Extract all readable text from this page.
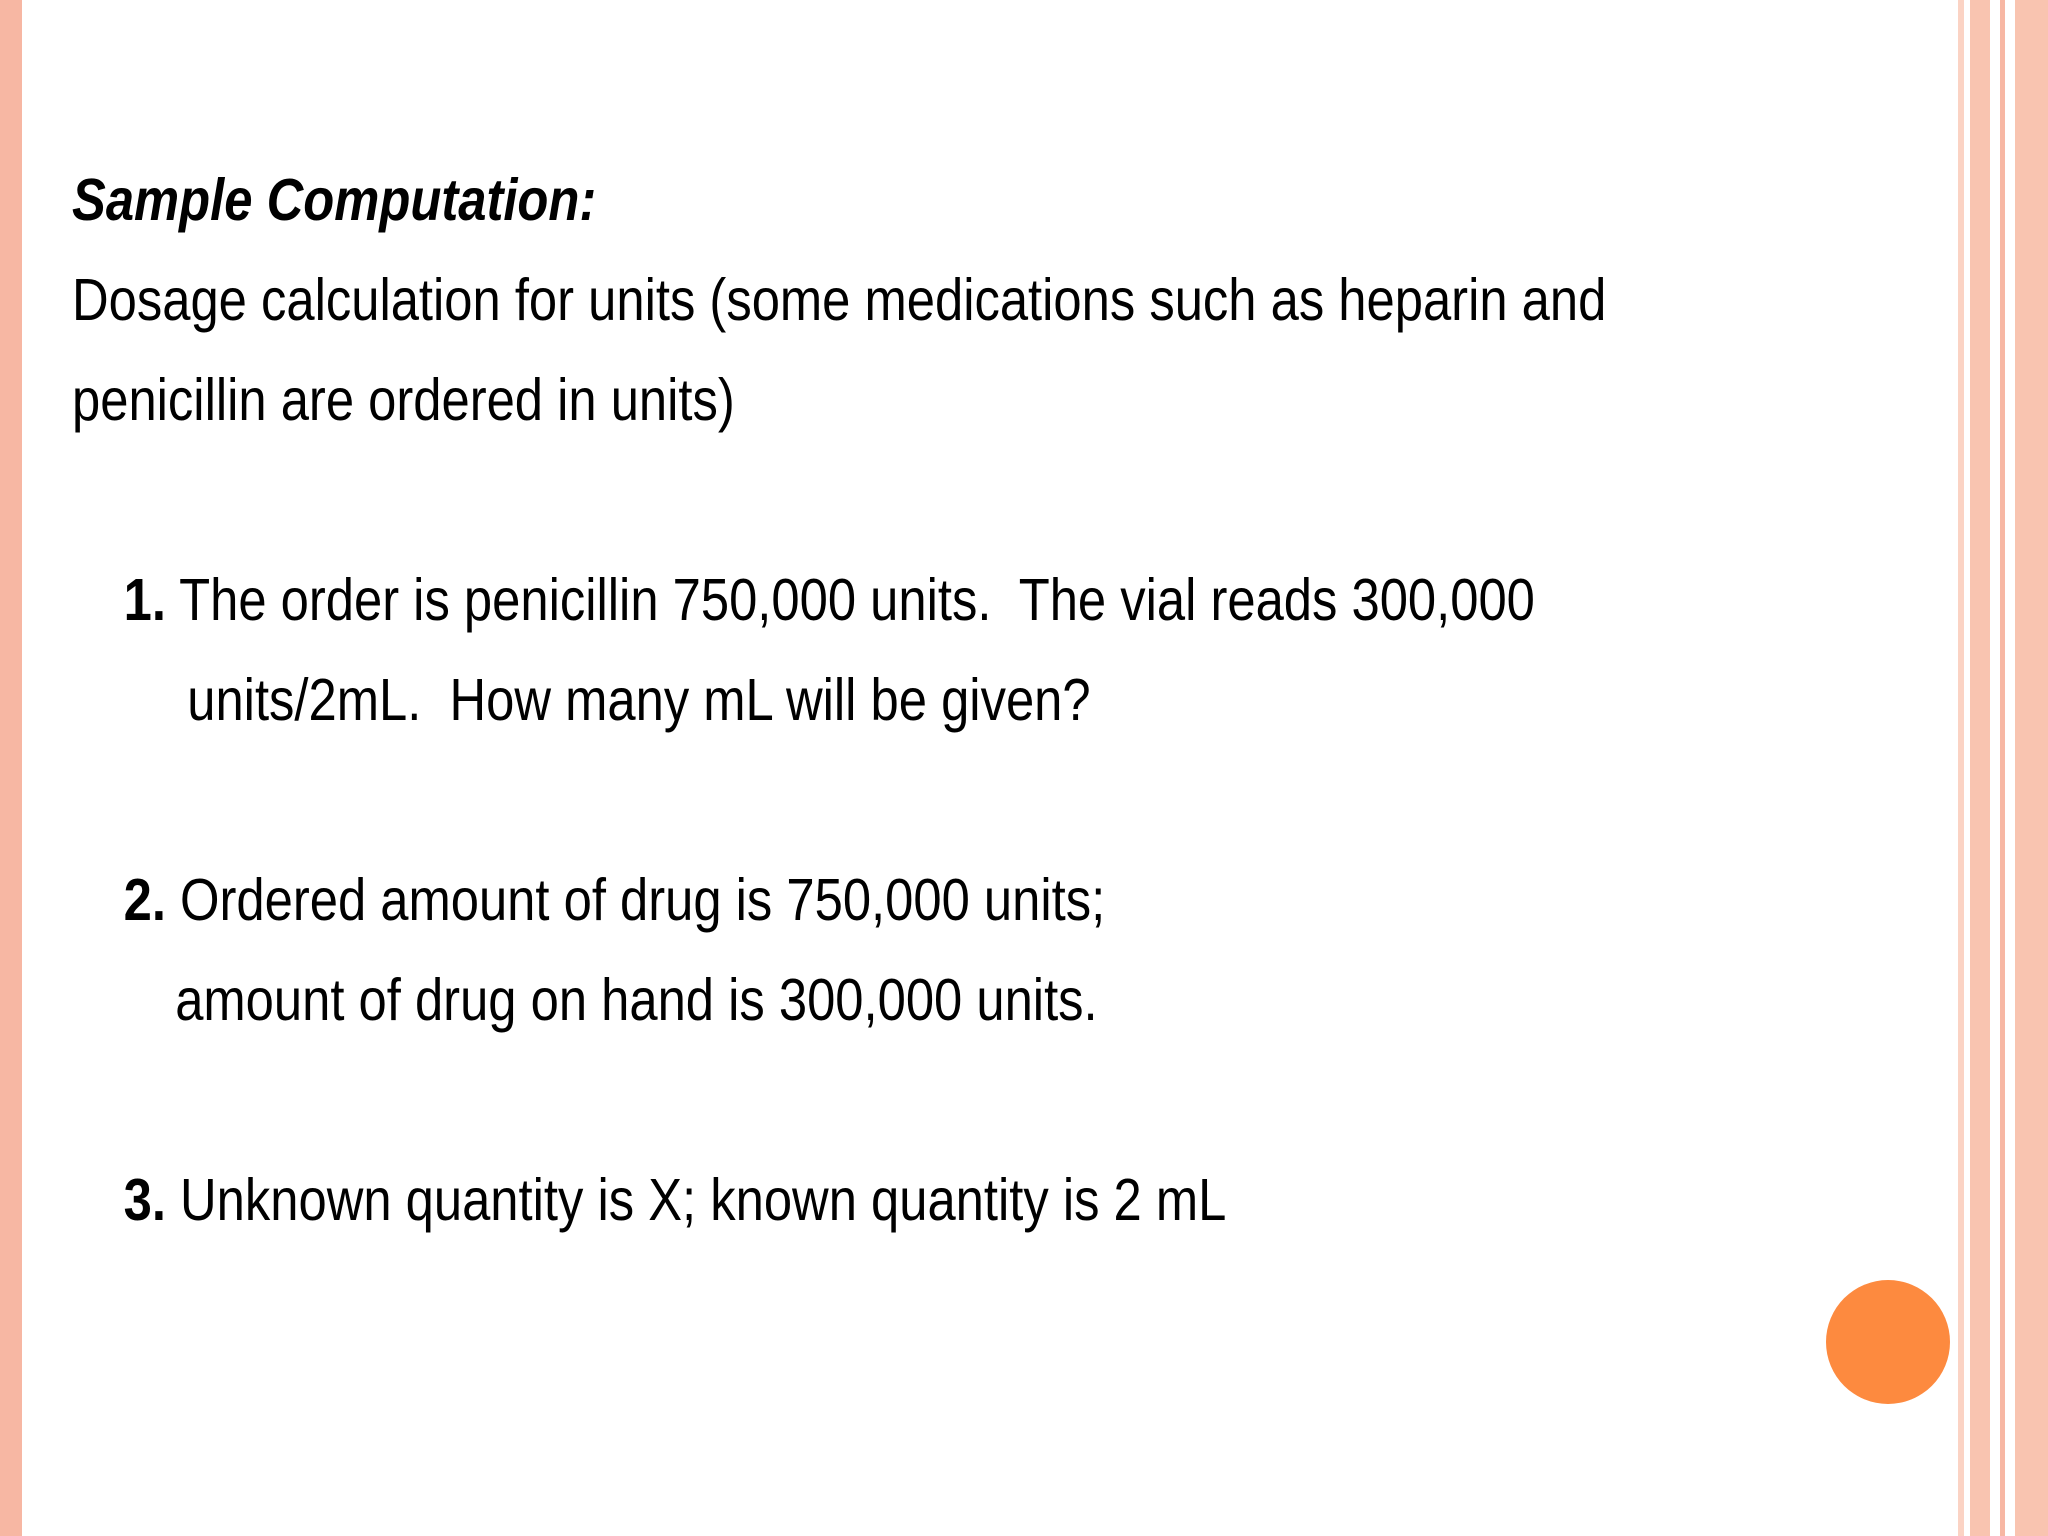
Sample Computation:

Dosage calculation for units (some medications such as heparin and
penicillin are ordered in units)

1. The order is penicillin 750,000 units.  The vial reads 300,000
units/2mL.  How many mL will be given?
2. Ordered amount of drug is 750,000 units;
amount of drug on hand is 300,000 units.
3. Unknown quantity is X; known quantity is 2 mL
